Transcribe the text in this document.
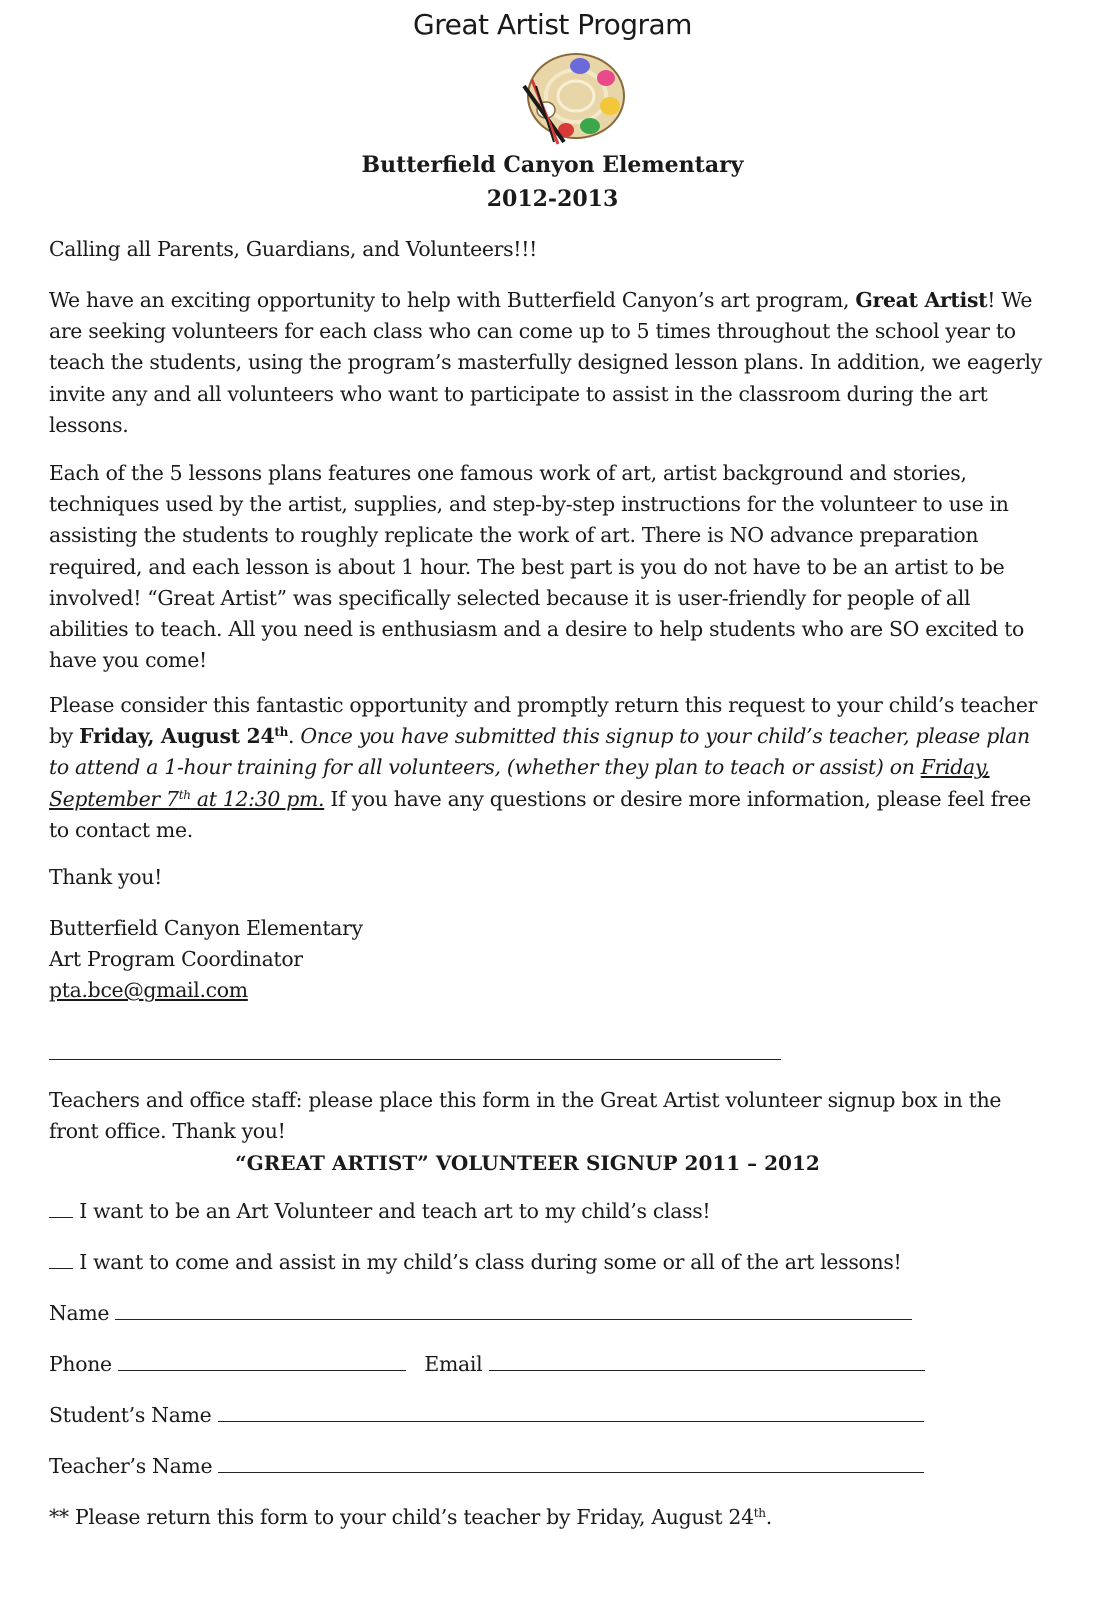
Great Artist Program
Butterfield Canyon Elementary
2012-2013

Calling all Parents, Guardians, and Volunteers!!!

We have an exciting opportunity to help with Butterfield Canyon’s art program, Great Artist! We are seeking volunteers for each class who can come up to 5 times throughout the school year to teach the students, using the program’s masterfully designed lesson plans. In addition, we eagerly invite any and all volunteers who want to participate to assist in the classroom during the art lessons.

Each of the 5 lessons plans features one famous work of art, artist background and stories, techniques used by the artist, supplies, and step-by-step instructions for the volunteer to use in assisting the students to roughly replicate the work of art. There is NO advance preparation required, and each lesson is about 1 hour. The best part is you do not have to be an artist to be involved! “Great Artist” was specifically selected because it is user-friendly for people of all abilities to teach. All you need is enthusiasm and a desire to help students who are SO excited to have you come!

Please consider this fantastic opportunity and promptly return this request to your child’s teacher by Friday, August 24th. Once you have submitted this signup to your child’s teacher, please plan to attend a 1-hour training for all volunteers, (whether they plan to teach or assist) on Friday, September 7th at 12:30 pm. If you have any questions or desire more information, please feel free to contact me.

Thank you!

Butterfield Canyon Elementary
Art Program Coordinator
pta.bce@gmail.com

Teachers and office staff: please place this form in the Great Artist volunteer signup box in the front office. Thank you!

“GREAT ARTIST” VOLUNTEER SIGNUP 2011 – 2012
I want to be an Art Volunteer and teach art to my child’s class!
I want to come and assist in my child’s class during some or all of the art lessons!
Name
Phone	Email
Student’s Name
Teacher’s Name
** Please return this form to your child’s teacher by Friday, August 24th.
